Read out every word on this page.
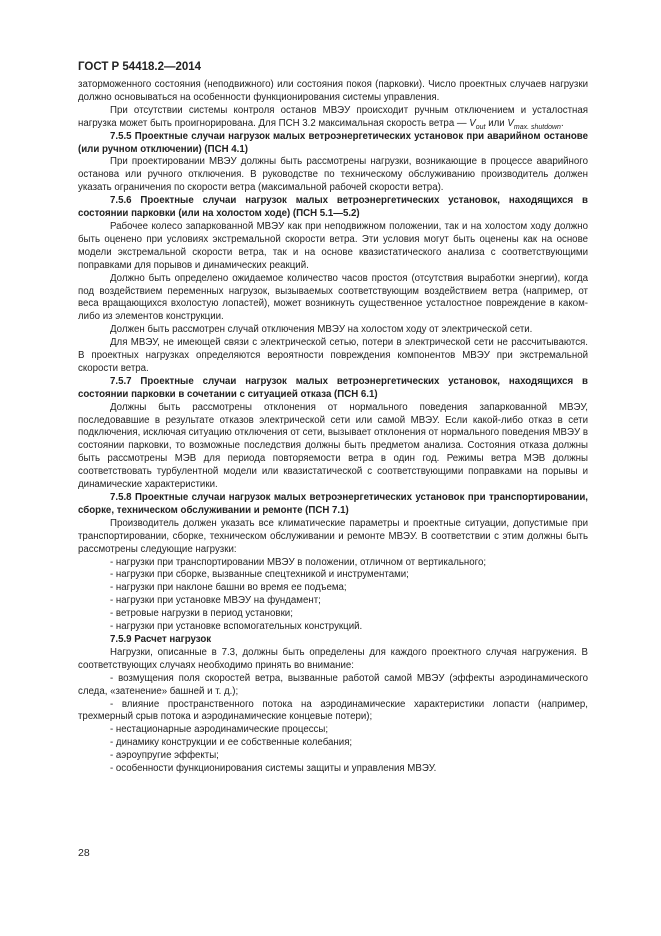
ГОСТ Р 54418.2—2014

заторможенного состояния (неподвижного) или состояния покоя (парковки). Число проектных случаев нагрузки должно основываться на особенности функционирования системы управления.

При отсутствии системы контроля останов МВЭУ происходит ручным отключением и усталостная нагрузка может быть проигнорирована. Для ПСН 3.2 максимальная скорость ветра — $V_{out}$ или $V_{max. shutdown}$.

7.5.5 Проектные случаи нагрузок малых ветроэнергетических установок при аварийном останове (или ручном отключении) (ПСН 4.1)

При проектировании МВЭУ должны быть рассмотрены нагрузки, возникающие в процессе аварийного останова или ручного отключения. В руководстве по техническому обслуживанию производитель должен указать ограничения по скорости ветра (максимальной рабочей скорости ветра).

7.5.6 Проектные случаи нагрузок малых ветроэнергетических установок, находящихся в состоянии парковки (или на холостом ходе) (ПСН 5.1—5.2)

Рабочее колесо запаркованной МВЭУ как при неподвижном положении, так и на холостом ходу должно быть оценено при условиях экстремальной скорости ветра. Эти условия могут быть оценены как на основе модели экстремальной скорости ветра, так и на основе квазистатического анализа с соответствующими поправками для порывов и динамических реакций.

Должно быть определено ожидаемое количество часов простоя (отсутствия выработки энергии), когда под воздействием переменных нагрузок, вызываемых соответствующим воздействием ветра (например, от веса вращающихся вхолостую лопастей), может возникнуть существенное усталостное повреждение в каком-либо из элементов конструкции.

Должен быть рассмотрен случай отключения МВЭУ на холостом ходу от электрической сети.

Для МВЭУ, не имеющей связи с электрической сетью, потери в электрической сети не рассчитываются. В проектных нагрузках определяются вероятности повреждения компонентов МВЭУ при экстремальной скорости ветра.

7.5.7 Проектные случаи нагрузок малых ветроэнергетических установок, находящихся в состоянии парковки в сочетании с ситуацией отказа (ПСН 6.1)

Должны быть рассмотрены отклонения от нормального поведения запаркованной МВЭУ, последовавшие в результате отказов электрической сети или самой МВЭУ. Если какой-либо отказ в сети подключения, исключая ситуацию отключения от сети, вызывает отклонения от нормального поведения МВЭУ в состоянии парковки, то возможные последствия должны быть предметом анализа. Состояния отказа должны быть рассмотрены МЭВ для периода повторяемости ветра в один год. Режимы ветра МЭВ должны соответствовать турбулентной модели или квазистатической с соответствующими поправками на порывы и динамические характеристики.

7.5.8 Проектные случаи нагрузок малых ветроэнергетических установок при транспортировании, сборке, техническом обслуживании и ремонте (ПСН 7.1)

Производитель должен указать все климатические параметры и проектные ситуации, допустимые при транспортировании, сборке, техническом обслуживании и ремонте МВЭУ. В соответствии с этим должны быть рассмотрены следующие нагрузки:

- нагрузки при транспортировании МВЭУ в положении, отличном от вертикального;

- нагрузки при сборке, вызванные спецтехникой и инструментами;

- нагрузки при наклоне башни во время ее подъема;

- нагрузки при установке МВЭУ на фундамент;

- ветровые нагрузки в период установки;

- нагрузки при установке вспомогательных конструкций.

7.5.9 Расчет нагрузок

Нагрузки, описанные в 7.3, должны быть определены для каждого проектного случая нагружения. В соответствующих случаях необходимо принять во внимание:

- возмущения поля скоростей ветра, вызванные работой самой МВЭУ (эффекты аэродинамического следа, «затенение» башней и т. д.);

- влияние пространственного потока на аэродинамические характеристики лопасти (например, трехмерный срыв потока и аэродинамические концевые потери);

- нестационарные аэродинамические процессы;

- динамику конструкции и ее собственные колебания;

- аэроупругие эффекты;

- особенности функционирования системы защиты и управления МВЭУ.

28
